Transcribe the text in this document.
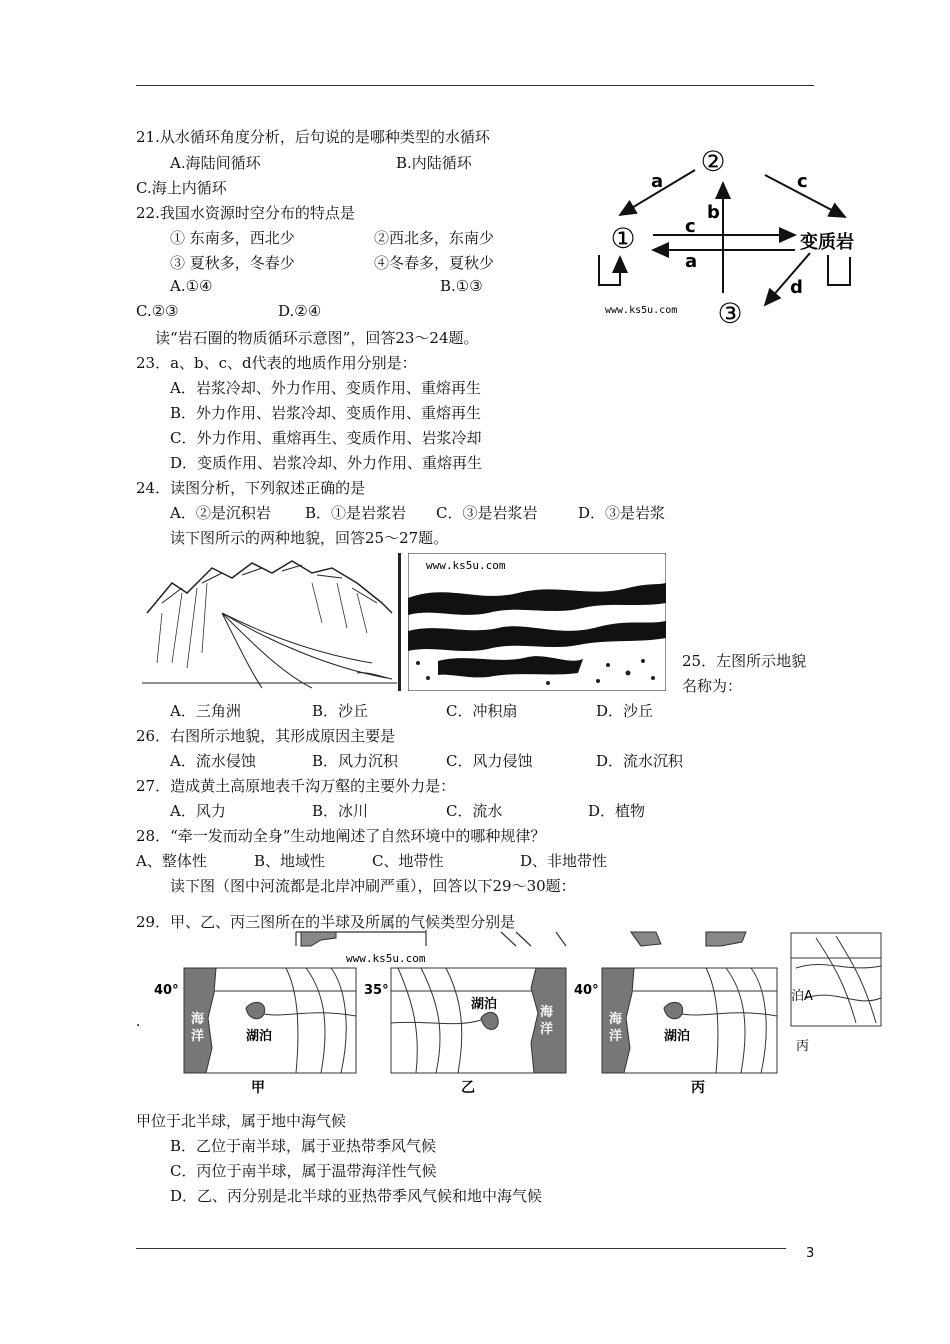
21.从水循环角度分析，后句说的是哪种类型的水循环
A.海陆间循环	B.内陆循环
C.海上内循环
22.我国水资源时空分布的特点是
① 东南多，西北少	②西北多，东南少
③ 夏秋多，冬春少	④冬春多，夏秋少
A.①④	B.①③
C.②③	D.②④
②
①
③
变质岩
a	c
b
c
a
d
www.ks5u.com
读“岩石圈的物质循环示意图”，回答23～24题。
23．a、b、c、d代表的地质作用分别是：
A．岩浆冷却、外力作用、变质作用、重熔再生
B．外力作用、岩浆冷却、变质作用、重熔再生
C．外力作用、重熔再生、变质作用、岩浆冷却
D．变质作用、岩浆冷却、外力作用、重熔再生
24．读图分析，下列叙述正确的是
A．②是沉积岩 B．①是岩浆岩 C．③是岩浆岩	D．③是岩浆
读下图所示的两种地貌，回答25～27题。
www.ks5u.com
25．左图所示地貌
名称为：
A．三角洲	B．沙丘	C．冲积扇	D．沙丘
26．右图所示地貌，其形成原因主要是
A．流水侵蚀	B．风力沉积	C．风力侵蚀	D．流水沉积
27．造成黄土高原地表千沟万壑的主要外力是：
A．风力	B．冰川	C．流水	D．植物
28．“牵一发而动全身”生动地阐述了自然环境中的哪种规律？
A、整体性	B、地域性	C、地带性	D、非地带性
读下图（图中河流都是北岸冲刷严重），回答以下29～30题：
29．甲、乙、丙三图所在的半球及所属的气候类型分别是
泊A
丙
www.ks5u.com
40°
海
洋	湖泊
甲
35°
海
洋
湖泊
乙
40°
海
洋	湖泊
丙
.
甲位于北半球，属于地中海气候
B．乙位于南半球，属于亚热带季风气候
C．丙位于南半球，属于温带海洋性气候
D．乙、丙分别是北半球的亚热带季风气候和地中海气候
3
